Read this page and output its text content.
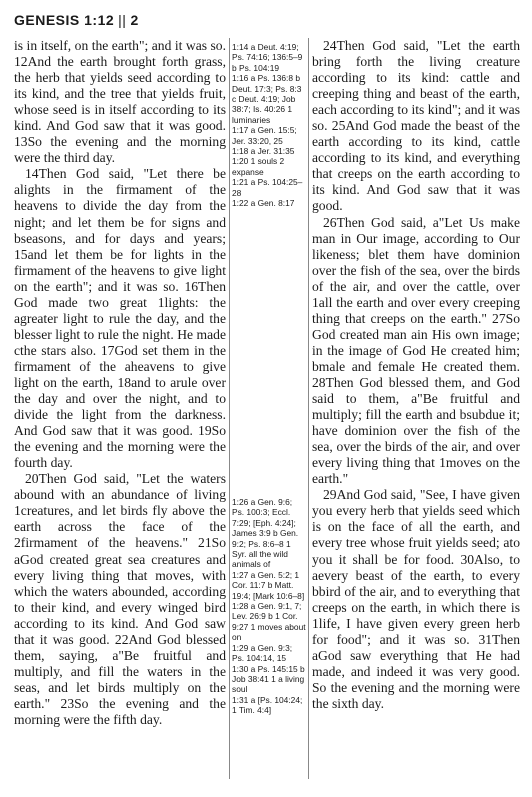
GENESIS 1:12 || 2

is in itself, on the earth"; and it was so. 12And the earth brought forth grass, the herb that yields seed according to its kind, and the tree that yields fruit, whose seed is in itself according to its kind. And God saw that it was good. 13So the evening and the morning were the third day.

14Then God said, "Let there be alights in the firmament of the heavens to divide the day from the night; and let them be for signs and bseasons, and for days and years; 15and let them be for lights in the firmament of the heavens to give light on the earth"; and it was so. 16Then God made two great 1lights: the agreater light to rule the day, and the blesser light to rule the night. He made cthe stars also. 17God set them in the firmament of the aheavens to give light on the earth, 18and to arule over the day and over the night, and to divide the light from the darkness. And God saw that it was good. 19So the evening and the morning were the fourth day.

20Then God said, "Let the waters abound with an abundance of living 1creatures, and let birds fly above the earth across the face of the 2firmament of the heavens." 21So aGod created great sea creatures and every living thing that moves, with which the waters abounded, according to their kind, and every winged bird according to its kind. And God saw that it was good. 22And God blessed them, saying, a"Be fruitful and multiply, and fill the waters in the seas, and let birds multiply on the earth." 23So the evening and the morning were the fifth day.

1:14 a Deut. 4:19; Ps. 74:16; 136:5–9 b Ps. 104:19
1:16 a Ps. 136:8 b Deut. 17:3; Ps. 8:3 c Deut. 4:19; Job 38:7; Is. 40:26 1 luminaries
1:17 a Gen. 15:5; Jer. 33:20, 25
1:18 a Jer. 31:35
1:20 1 souls 2 expanse
1:21 a Ps. 104:25–28
1:22 a Gen. 8:17
1:26 a Gen. 9:6; Ps. 100:3; Eccl. 7:29; [Eph. 4:24]; James 3:9 b Gen. 9:2; Ps. 8:6–8 1 Syr. all the wild animals of
1:27 a Gen. 5:2; 1 Cor. 11:7 b Matt. 19:4; [Mark 10:6–8]
1:28 a Gen. 9:1, 7; Lev. 26:9 b 1 Cor. 9:27 1 moves about on
1:29 a Gen. 9:3; Ps. 104:14, 15
1:30 a Ps. 145:15 b Job 38:41 1 a living soul
1:31 a [Ps. 104:24; 1 Tim. 4:4]

24Then God said, "Let the earth bring forth the living creature according to its kind: cattle and creeping thing and beast of the earth, each according to its kind"; and it was so. 25And God made the beast of the earth according to its kind, cattle according to its kind, and everything that creeps on the earth according to its kind. And God saw that it was good.

26Then God said, a"Let Us make man in Our image, according to Our likeness; blet them have dominion over the fish of the sea, over the birds of the air, and over the cattle, over 1all the earth and over every creeping thing that creeps on the earth." 27So God created man ain His own image; in the image of God He created him; bmale and female He created them. 28Then God blessed them, and God said to them, a"Be fruitful and multiply; fill the earth and bsubdue it; have dominion over the fish of the sea, over the birds of the air, and over every living thing that 1moves on the earth."

29And God said, "See, I have given you every herb that yields seed which is on the face of all the earth, and every tree whose fruit yields seed; ato you it shall be for food. 30Also, to aevery beast of the earth, to every bbird of the air, and to everything that creeps on the earth, in which there is 1life, I have given every green herb for food"; and it was so. 31Then aGod saw everything that He had made, and indeed it was very good. So the evening and the morning were the sixth day.
